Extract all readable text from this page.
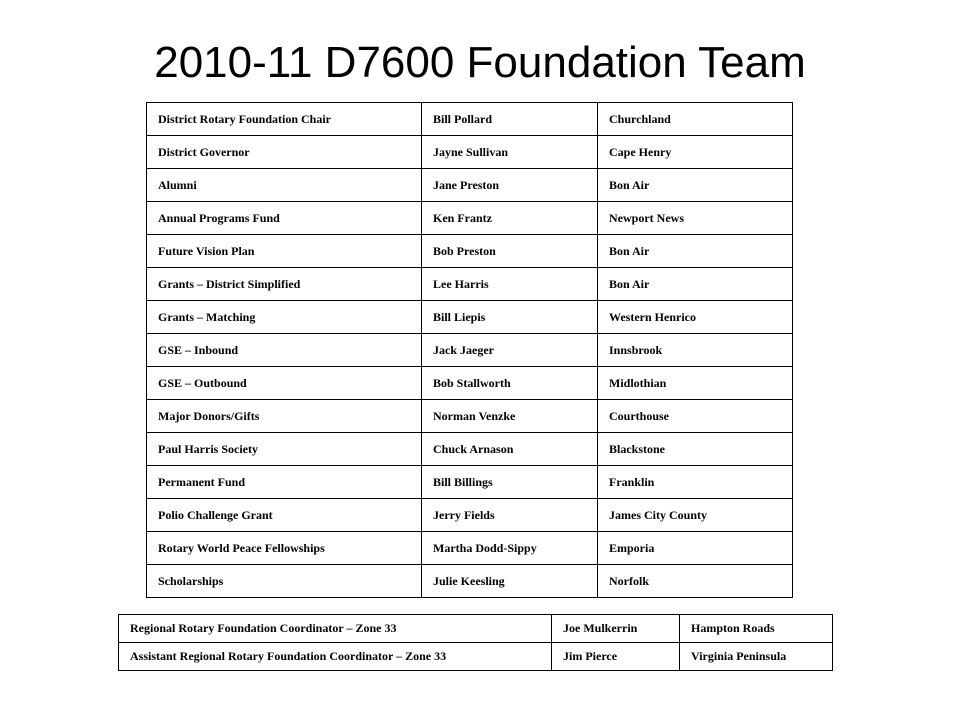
2010-11 D7600 Foundation Team
District Rotary Foundation Chair	Bill Pollard	Churchland
District Governor	Jayne Sullivan	Cape Henry
Alumni	Jane Preston	Bon Air
Annual Programs Fund	Ken Frantz	Newport News
Future Vision Plan	Bob Preston	Bon Air
Grants – District Simplified	Lee Harris	Bon Air
Grants – Matching	Bill Liepis	Western Henrico
GSE – Inbound	Jack Jaeger	Innsbrook
GSE – Outbound	Bob Stallworth	Midlothian
Major Donors/Gifts	Norman Venzke	Courthouse
Paul Harris Society	Chuck Arnason	Blackstone
Permanent Fund	Bill Billings	Franklin
Polio Challenge Grant	Jerry Fields	James City County
Rotary World Peace Fellowships	Martha Dodd-Sippy	Emporia
Scholarships	Julie Keesling	Norfolk
Regional Rotary Foundation Coordinator – Zone 33	Joe Mulkerrin	Hampton Roads
Assistant Regional Rotary Foundation Coordinator – Zone 33	Jim Pierce	Virginia Peninsula
